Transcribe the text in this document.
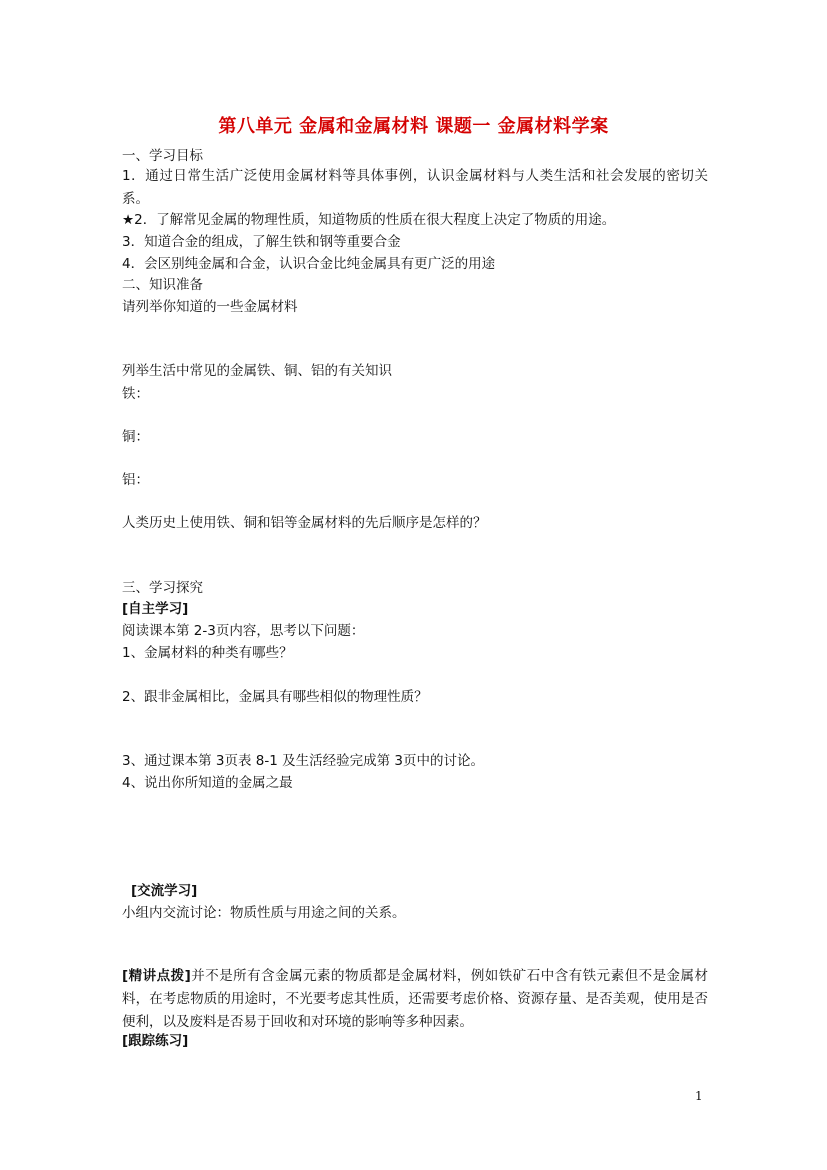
第八单元 金属和金属材料 课题一 金属材料学案
一、学习目标
1．通过日常生活广泛使用金属材料等具体事例，认识金属材料与人类生活和社会发展的密切关系。
★2．了解常见金属的物理性质，知道物质的性质在很大程度上决定了物质的用途。
3．知道合金的组成，了解生铁和钢等重要合金
4．会区别纯金属和合金，认识合金比纯金属具有更广泛的用途
二、知识准备
请列举你知道的一些金属材料
列举生活中常见的金属铁、铜、铝的有关知识
铁：
铜：
铝：
人类历史上使用铁、铜和铝等金属材料的先后顺序是怎样的？
三、学习探究
[自主学习]
阅读课本第 2-3页内容，思考以下问题：
1、金属材料的种类有哪些？
2、跟非金属相比，金属具有哪些相似的物理性质？
3、通过课本第 3页表 8-1 及生活经验完成第 3页中的讨论。
4、说出你所知道的金属之最
[交流学习]
小组内交流讨论：物质性质与用途之间的关系。
[精讲点拨]并不是所有含金属元素的物质都是金属材料，例如铁矿石中含有铁元素但不是金属材料，在考虑物质的用途时，不光要考虑其性质，还需要考虑价格、资源存量、是否美观，使用是否便利，以及废料是否易于回收和对环境的影响等多种因素。
[跟踪练习]
1
